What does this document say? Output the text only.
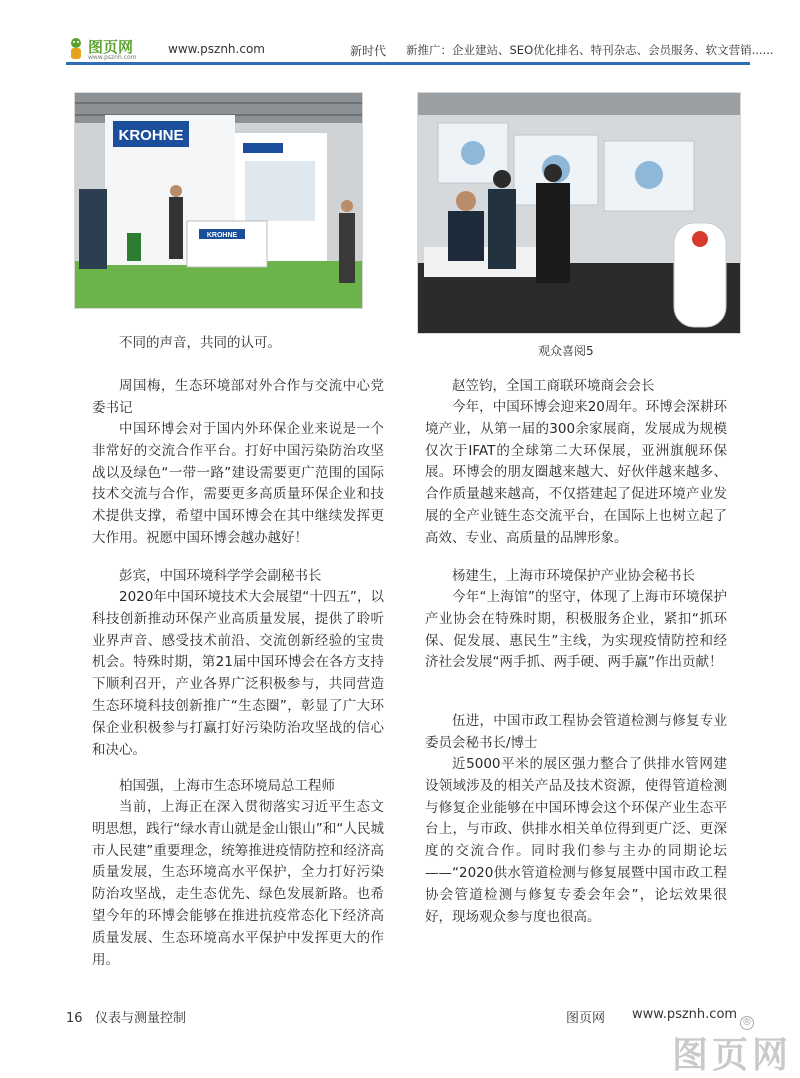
图页网
www.psznh.com
www.psznh.com	新时代 新推广：企业建站、SEO优化排名、特刊杂志、会员服务、软文营销......
KROHNE
KROHNE
观众喜阅5
不同的声音，共同的认可。
周国梅，生态环境部对外合作与交流中心党委书记
中国环博会对于国内外环保企业来说是一个非常好的交流合作平台。打好中国污染防治攻坚战以及绿色“一带一路”建设需要更广范围的国际技术交流与合作，需要更多高质量环保企业和技术提供支撑，希望中国环博会在其中继续发挥更大作用。祝愿中国环博会越办越好！
彭宾，中国环境科学学会副秘书长
2020年中国环境技术大会展望“十四五”，以科技创新推动环保产业高质量发展，提供了聆听业界声音、感受技术前沿、交流创新经验的宝贵机会。特殊时期，第21届中国环博会在各方支持下顺利召开，产业各界广泛积极参与，共同营造生态环境科技创新推广“生态圈”，彰显了广大环保企业积极参与打赢打好污染防治攻坚战的信心和决心。
柏国强，上海市生态环境局总工程师
当前，上海正在深入贯彻落实习近平生态文明思想，践行“绿水青山就是金山银山”和“人民城市人民建”重要理念，统筹推进疫情防控和经济高质量发展，生态环境高水平保护，全力打好污染防治攻坚战，走生态优先、绿色发展新路。也希望今年的环博会能够在推进抗疫常态化下经济高质量发展、生态环境高水平保护中发挥更大的作用。
赵笠钧，全国工商联环境商会会长
今年，中国环博会迎来20周年。环博会深耕环境产业，从第一届的300余家展商，发展成为规模仅次于IFAT的全球第二大环保展，亚洲旗舰环保展。环博会的朋友圈越来越大、好伙伴越来越多、合作质量越来越高，不仅搭建起了促进环境产业发展的全产业链生态交流平台，在国际上也树立起了高效、专业、高质量的品牌形象。
杨建生，上海市环境保护产业协会秘书长
今年“上海馆”的坚守，体现了上海市环境保护产业协会在特殊时期，积极服务企业，紧扣“抓环保、促发展、惠民生”主线，为实现疫情防控和经济社会发展“两手抓、两手硬、两手赢”作出贡献！
伍进，中国市政工程协会管道检测与修复专业委员会秘书长/博士
近5000平米的展区强力整合了供排水管网建设领域涉及的相关产品及技术资源，使得管道检测与修复企业能够在中国环博会这个环保产业生态平台上，与市政、供排水相关单位得到更广泛、更深度的交流合作。同时我们参与主办的同期论坛——“2020供水管道检测与修复展暨中国市政工程协会管道检测与修复专委会年会”，论坛效果很好，现场观众参与度也很高。
16 仪表与测量控制	图页网 www.psznh.com
图页网
®
